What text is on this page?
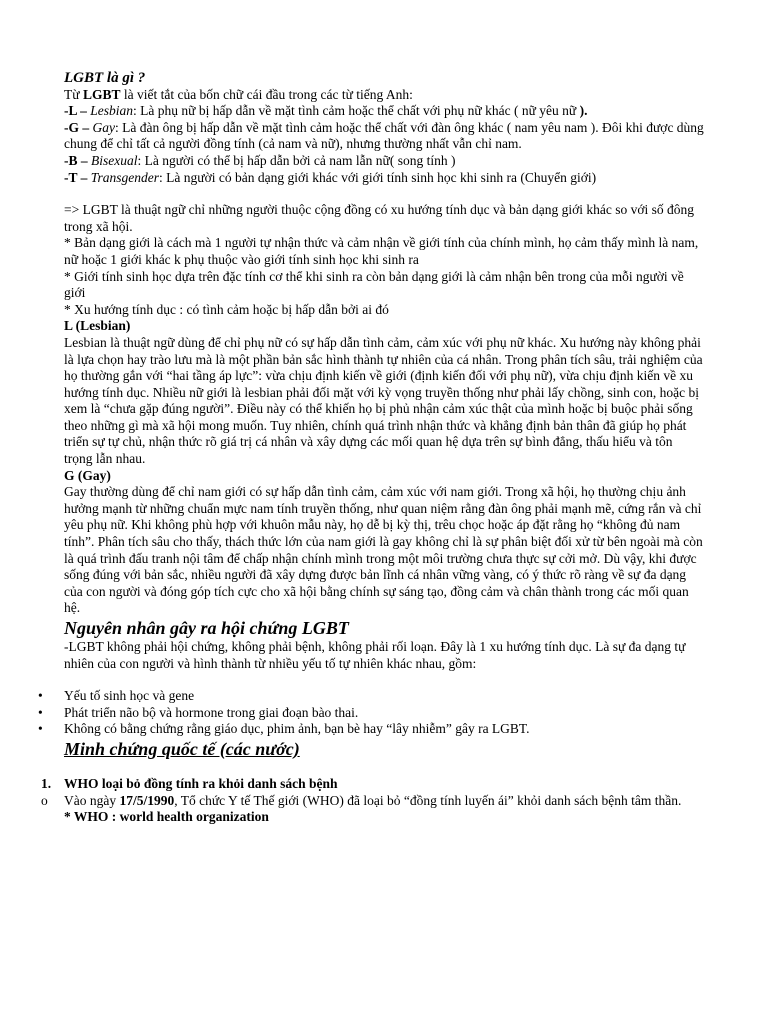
LGBT là gì ?

Từ LGBT là viết tắt của bốn chữ cái đầu trong các từ tiếng Anh:

-L – Lesbian: Là phụ nữ bị hấp dẫn về mặt tình cảm hoặc thể chất với phụ nữ khác ( nữ yêu nữ ).

-G – Gay: Là đàn ông bị hấp dẫn về mặt tình cảm hoặc thể chất với đàn ông khác ( nam yêu nam ). Đôi khi được dùng chung để chỉ tất cả người đồng tính (cả nam và nữ), nhưng thường nhất vẫn chỉ nam.

-B – Bisexual: Là người có thể bị hấp dẫn bởi cả nam lẫn nữ( song tính )

-T – Transgender: Là người có bản dạng giới khác với giới tính sinh học khi sinh ra (Chuyển giới)

=> LGBT là thuật ngữ chỉ những người thuộc cộng đồng có xu hướng tính dục và bản dạng giới khác so với số đông trong xã hội.

* Bản dạng giới là cách mà 1 người tự nhận thức và cảm nhận về giới tính của chính mình, họ cảm thấy mình là nam, nữ hoặc 1 giới khác k phụ thuộc vào giới tính sinh học khi sinh ra

* Giới tính sinh học dựa trên đặc tính cơ thể khi sinh ra còn bản dạng giới là cảm nhận bên trong của mỗi người về giới

* Xu hướng tính dục : có tình cảm hoặc bị hấp dẫn bởi ai đó

L (Lesbian)

Lesbian là thuật ngữ dùng để chỉ phụ nữ có sự hấp dẫn tình cảm, cảm xúc với phụ nữ khác. Xu hướng này không phải là lựa chọn hay trào lưu mà là một phần bản sắc hình thành tự nhiên của cá nhân. Trong phân tích sâu, trải nghiệm của họ thường gắn với “hai tầng áp lực”: vừa chịu định kiến về giới (định kiến đối với phụ nữ), vừa chịu định kiến về xu hướng tính dục. Nhiều nữ giới là lesbian phải đối mặt với kỳ vọng truyền thống như phải lấy chồng, sinh con, hoặc bị xem là “chưa gặp đúng người”. Điều này có thể khiến họ bị phủ nhận cảm xúc thật của mình hoặc bị buộc phải sống theo những gì mà xã hội mong muốn. Tuy nhiên, chính quá trình nhận thức và khẳng định bản thân đã giúp họ phát triển sự tự chủ, nhận thức rõ giá trị cá nhân và xây dựng các mối quan hệ dựa trên sự bình đẳng, thấu hiểu và tôn trọng lẫn nhau.

G (Gay)

Gay thường dùng để chỉ nam giới có sự hấp dẫn tình cảm, cảm xúc với nam giới. Trong xã hội, họ thường chịu ảnh hưởng mạnh từ những chuẩn mực nam tính truyền thống, như quan niệm rằng đàn ông phải mạnh mẽ, cứng rắn và chỉ yêu phụ nữ. Khi không phù hợp với khuôn mẫu này, họ dễ bị kỳ thị, trêu chọc hoặc áp đặt rằng họ “không đủ nam tính”. Phân tích sâu cho thấy, thách thức lớn của nam giới là gay không chỉ là sự phân biệt đối xử từ bên ngoài mà còn là quá trình đấu tranh nội tâm để chấp nhận chính mình trong một môi trường chưa thực sự cởi mở. Dù vậy, khi được sống đúng với bản sắc, nhiều người đã xây dựng được bản lĩnh cá nhân vững vàng, có ý thức rõ ràng về sự đa dạng của con người và đóng góp tích cực cho xã hội bằng chính sự sáng tạo, đồng cảm và chân thành trong các mối quan hệ.

Nguyên nhân gây ra hội chứng LGBT

-LGBT không phải hội chứng, không phải bệnh, không phải rối loạn. Đây là 1 xu hướng tính dục. Là sự đa dạng tự nhiên của con người và hình thành từ nhiều yếu tố tự nhiên khác nhau, gồm:

• Yếu tố sinh học và gene
• Phát triển não bộ và hormone trong giai đoạn bào thai.
• Không có bằng chứng rằng giáo dục, phim ảnh, bạn bè hay “lây nhiễm” gây ra LGBT.

Minh chứng quốc tế (các nước)

1. WHO loại bỏ đồng tính ra khỏi danh sách bệnh

o Vào ngày 17/5/1990, Tổ chức Y tế Thế giới (WHO) đã loại bỏ “đồng tính luyến ái” khỏi danh sách bệnh tâm thần.

* WHO : world health organization
